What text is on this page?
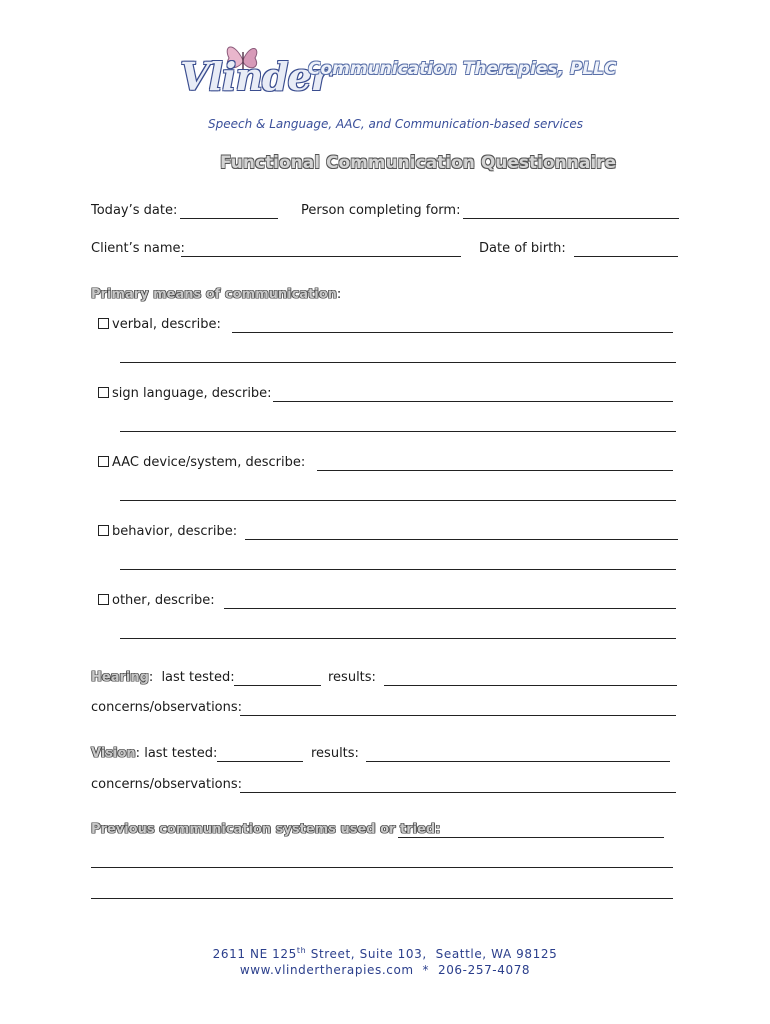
Vlinder
Communication Therapies, PLLC
Speech & Language, AAC, and Communication-based services
Functional Communication Questionnaire
Today’s date:	Person completing form:
Client’s name:	Date of birth:
Primary means of communication:
verbal, describe:
sign language, describe:
AAC device/system, describe:
behavior, describe:
other, describe:
Hearing: last tested:	results:
concerns/observations:
Vision: last tested:	results:
concerns/observations:
Previous communication systems used or tried:
2611 NE 125th Street, Suite 103,  Seattle, WA 98125
www.vlindertherapies.com  *  206-257-4078
